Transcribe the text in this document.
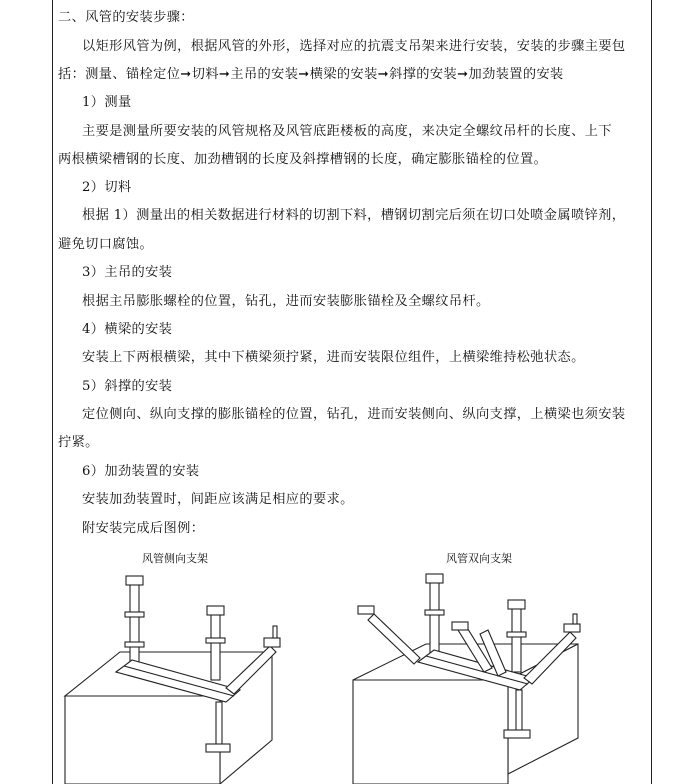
二、风管的安装步骤：
以矩形风管为例，根据风管的外形，选择对应的抗震支吊架来进行安装，安装的步骤主要包
括：测量、锚栓定位➞切料➞主吊的安装➞横梁的安装➞斜撑的安装➞加劲装置的安装
1）测量
主要是测量所要安装的风管规格及风管底距楼板的高度，来决定全螺纹吊杆的长度、上下
两根横梁槽钢的长度、加劲槽钢的长度及斜撑槽钢的长度，确定膨胀锚栓的位置。
2）切料
根据 1）测量出的相关数据进行材料的切割下料，槽钢切割完后须在切口处喷金属喷锌剂，
避免切口腐蚀。
3）主吊的安装
根据主吊膨胀螺栓的位置，钻孔，进而安装膨胀锚栓及全螺纹吊杆。
4）横梁的安装
安装上下两根横梁，其中下横梁须拧紧，进而安装限位组件，上横梁维持松弛状态。
5）斜撑的安装
定位侧向、纵向支撑的膨胀锚栓的位置，钻孔，进而安装侧向、纵向支撑，上横梁也须安装
拧紧。
6）加劲装置的安装
安装加劲装置时，间距应该满足相应的要求。
附安装完成后图例：
风管侧向支架	风管双向支架
